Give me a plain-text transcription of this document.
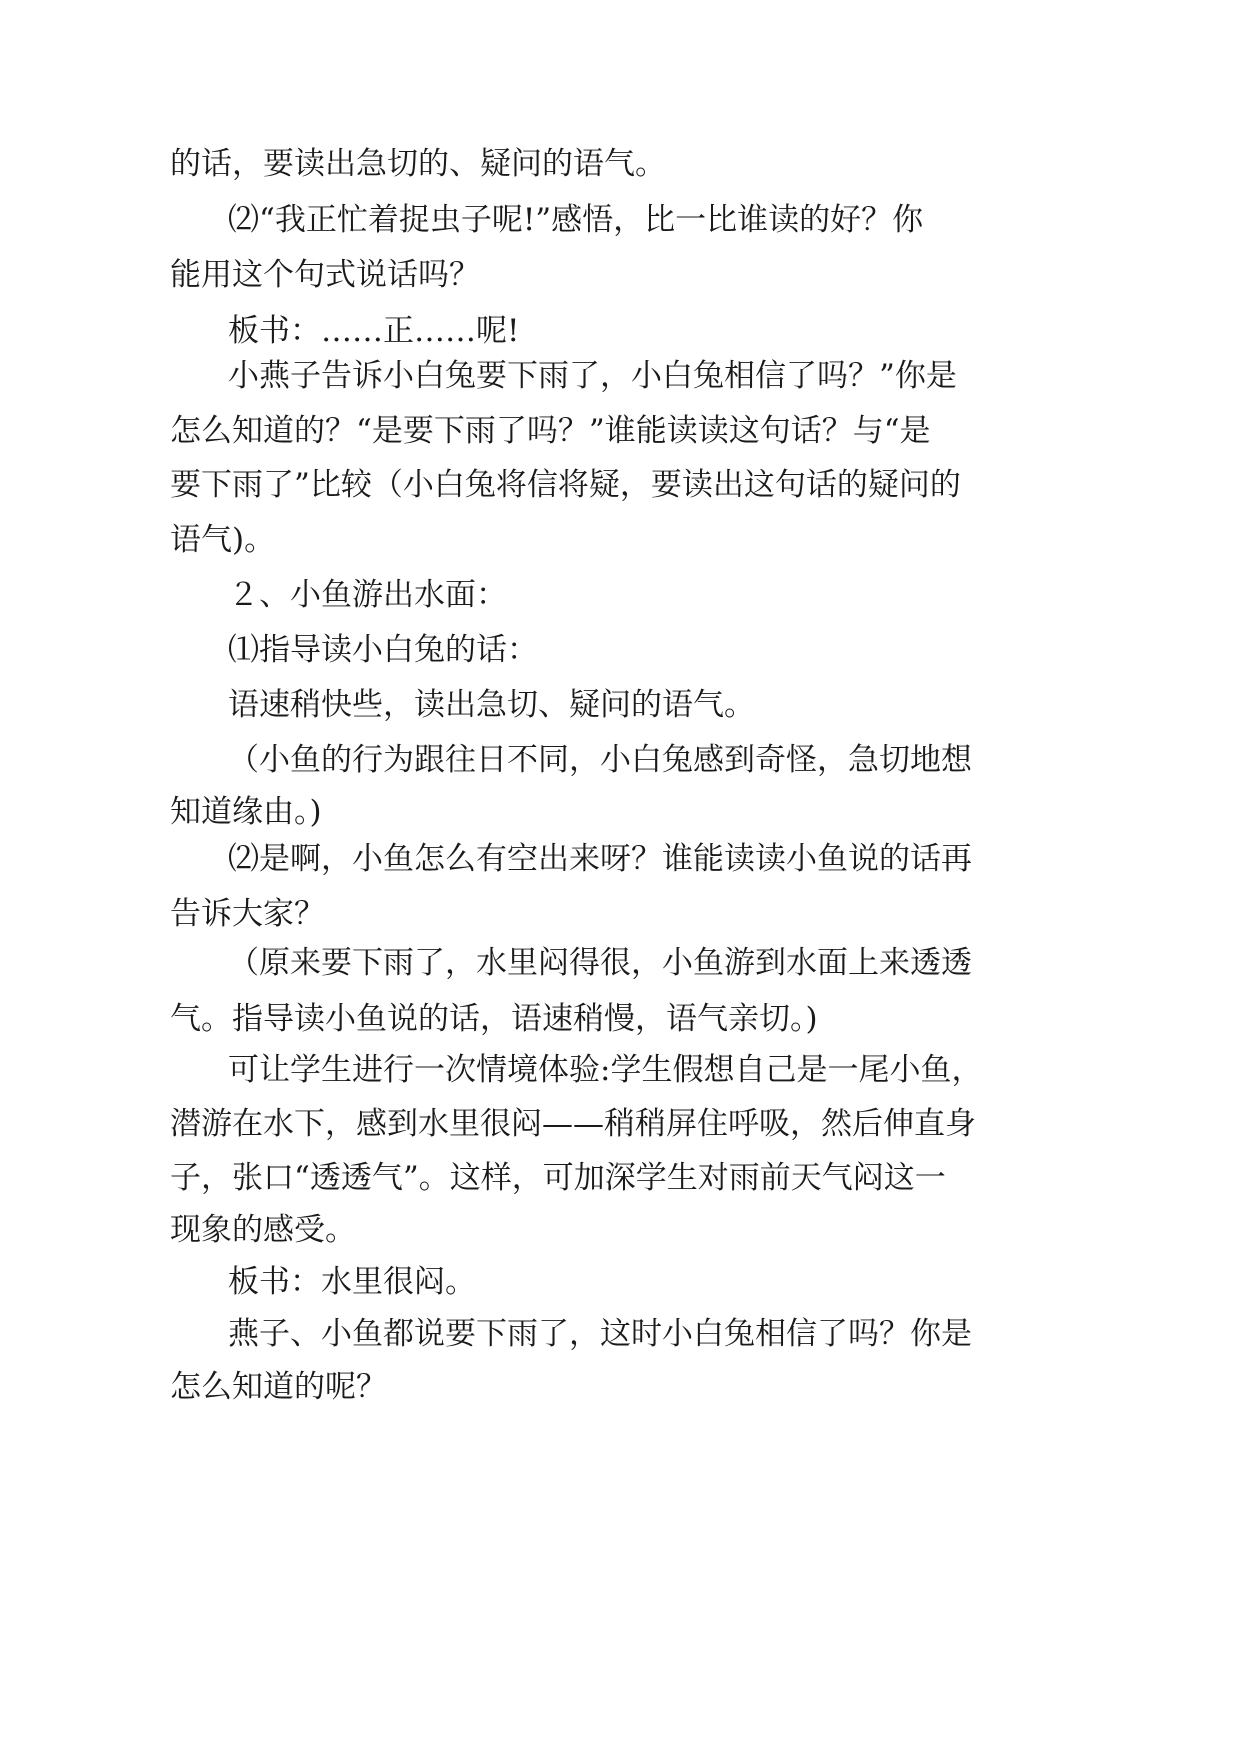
的话，要读出急切的、疑问的语气。
⑵“我正忙着捉虫子呢!”感悟，比一比谁读的好？你
能用这个句式说话吗？
板书：……正……呢!
小燕子告诉小白兔要下雨了，小白兔相信了吗？”你是
怎么知道的？“是要下雨了吗？”谁能读读这句话？与“是
要下雨了”比较（小白兔将信将疑，要读出这句话的疑问的
语气)。
２、小鱼游出水面：
⑴指导读小白兔的话：
语速稍快些，读出急切、疑问的语气。
（小鱼的行为跟往日不同，小白兔感到奇怪，急切地想
知道缘由。)
⑵是啊，小鱼怎么有空出来呀？谁能读读小鱼说的话再
告诉大家？
（原来要下雨了，水里闷得很，小鱼游到水面上来透透
气。指导读小鱼说的话，语速稍慢，语气亲切。)
可让学生进行一次情境体验:学生假想自己是一尾小鱼，
潜游在水下，感到水里很闷——稍稍屏住呼吸，然后伸直身
子，张口“透透气”。这样，可加深学生对雨前天气闷这一
现象的感受。
板书：水里很闷。
燕子、小鱼都说要下雨了，这时小白兔相信了吗？你是
怎么知道的呢？
